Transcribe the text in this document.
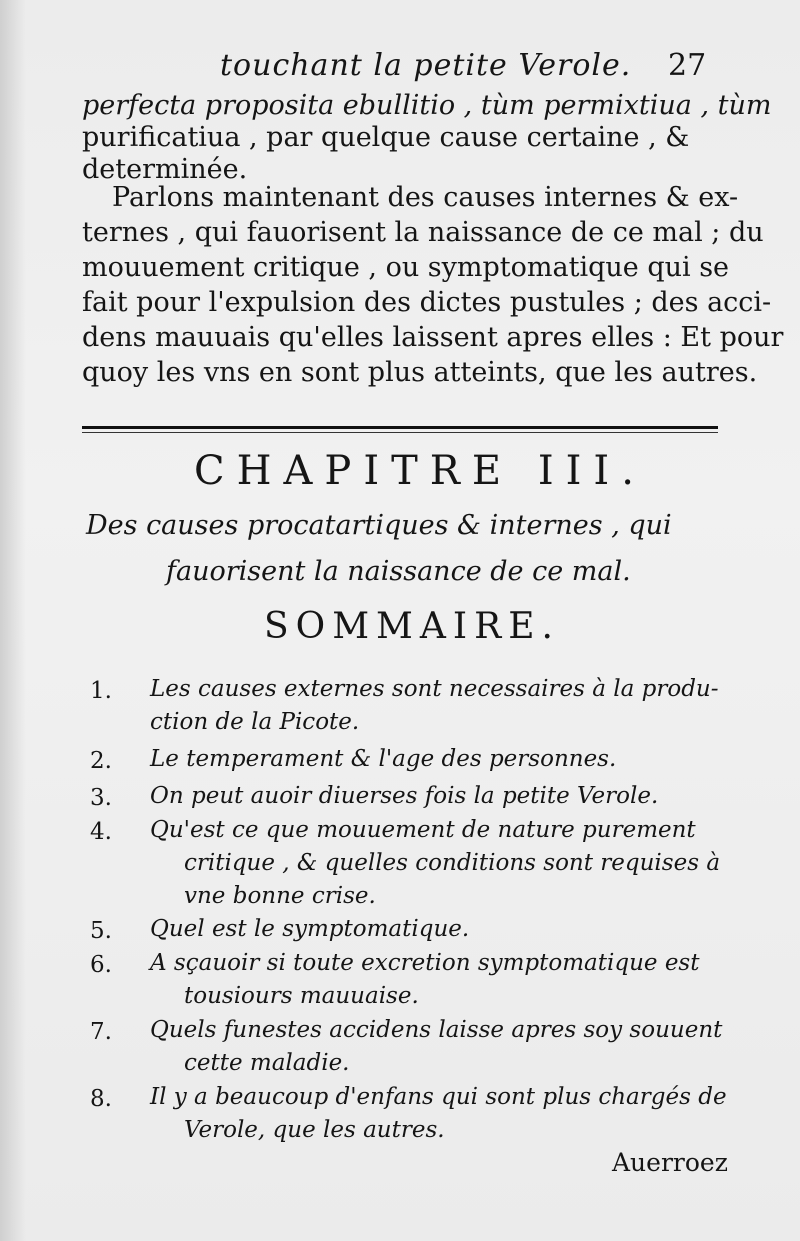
touchant la petite Verole. 27
perfecta proposita ebullitio , tùm permixtiua , tùm
purificatiua , par quelque cause certaine , &
determinée.
Parlons maintenant des causes internes & ex-
ternes , qui fauorisent la naissance de ce mal ; du
mouuement critique , ou symptomatique qui se
fait pour l'expulsion des dictes pustules ; des acci-
dens mauuais qu'elles laissent apres elles : Et pour
quoy les vns en sont plus atteints, que les autres.
CHAPITRE III.
Des causes procatartiques & internes , qui
fauorisent la naissance de ce mal.
SOMMAIRE.
1. Les causes externes sont necessaires à la produ-
ction de la Picote.
2. Le temperament & l'age des personnes.
3. On peut auoir diuerses fois la petite Verole.
4. Qu'est ce que mouuement de nature purement
critique , & quelles conditions sont requises à
vne bonne crise.
5. Quel est le symptomatique.
6. A sçauoir si toute excretion symptomatique est
tousiours mauuaise.
7. Quels funestes accidens laisse apres soy souuent
cette maladie.
8. Il y a beaucoup d'enfans qui sont plus chargés de
Verole, que les autres.
Auerroez
